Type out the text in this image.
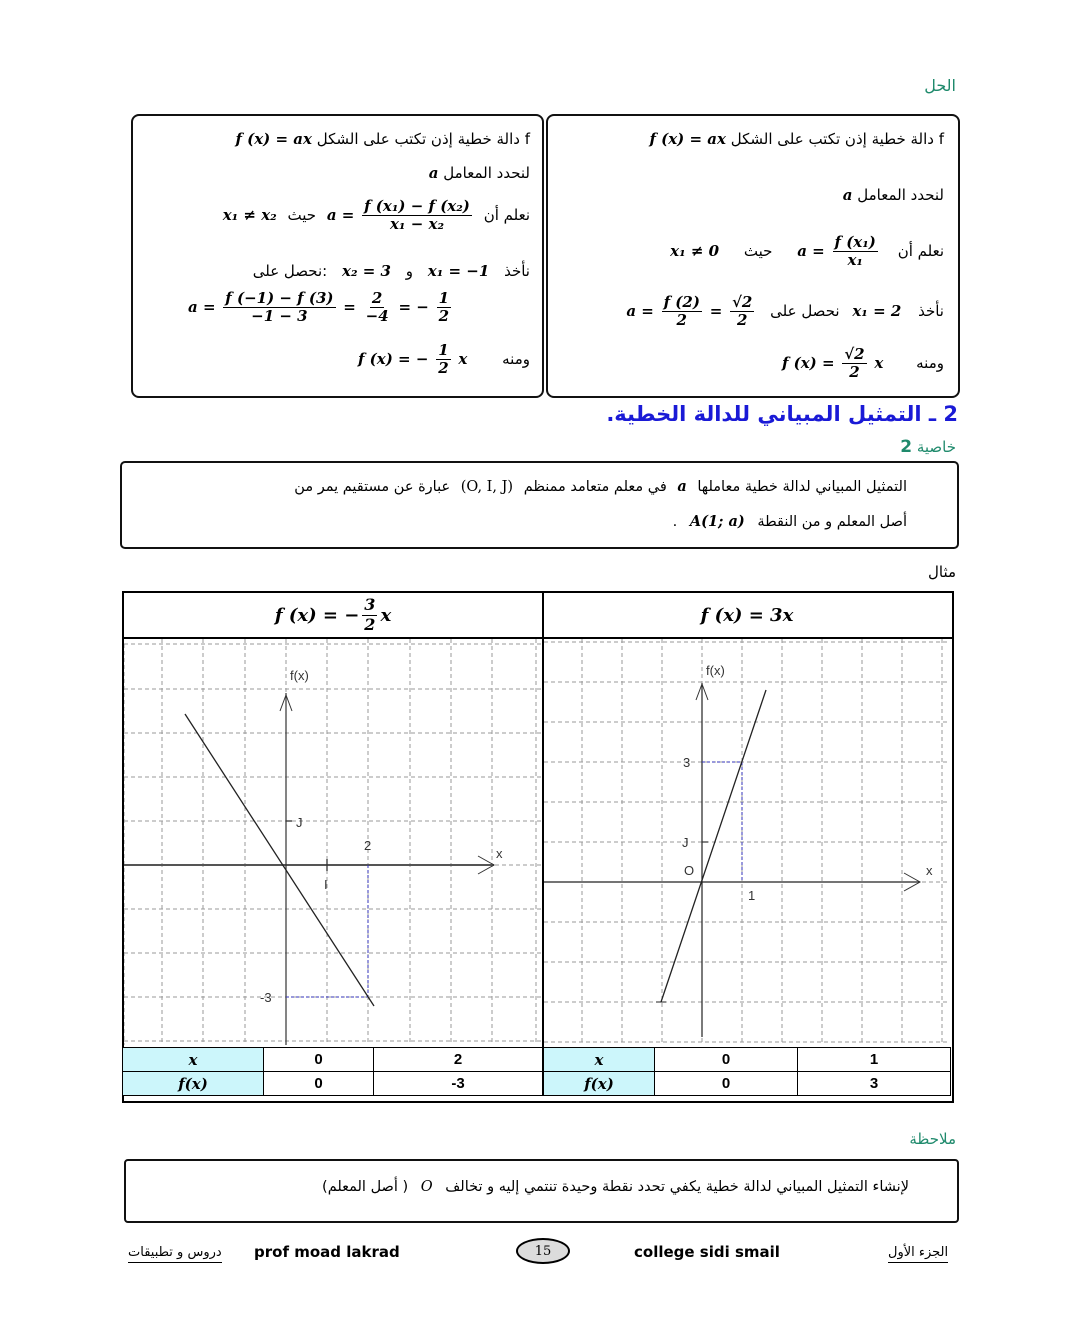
الحل
f دالة خطية إذن تكتب على الشكل f (x) = ax
لنحدد المعامل a
x₁ ≠ 0 حيث $a = \frac{\text{f (x₁)}}{\text{x₁}}$ نعلم أن
$a = \frac{f (2)}{2} = \frac{√2}{2}$ نحصل على x₁ = 2 نأخذ
f $(x) = \frac{√2}{2}$ x ومنه
f دالة خطية إذن تكتب على الشكل f (x) = ax
لنحدد المعامل a
x₁ ≠ x₂ حيث $a = \frac{\text{f (x₁) − f (x₂)}}{\text{x₁ − x₂}}$ نعلم أن
نحصل على: x₂ = 3 و x₁ = −1 نأخذ
$a = \frac{f (-1) - f (3)}{-1 - 3} = \frac{2}{-4}$ = − $\frac{1}{2}$
f (x) = − $\frac{1}{2}$ x ومنه
2 ـ التمثيل المبياني للدالة الخطية.
خاصية 2
التمثيل المبياني لدالة خطية معاملها a في معلم متعامد ممنظم (O, I, J) عبارة عن مستقيم يمر من
أصل المعلم و من النقطة A(1; a) .
مثال
f (x) = − $\frac{3}{2}$ x	f (x) = 3x
f(x)
x
J
I
2
-3
f(x)
x
O
J
1
3
x	0	2
f(x)	0	-3
x	0	1
f(x)	0	3
ملاحظة
لإنشاء التمثيل المبياني لدالة خطية يكفي تحدد نقطة وحيدة تنتمي إليه و تخالف O ( أصل المعلم)
دروس و تطبيقات prof moad lakrad	15	college sidi smail	الجزء الأول
